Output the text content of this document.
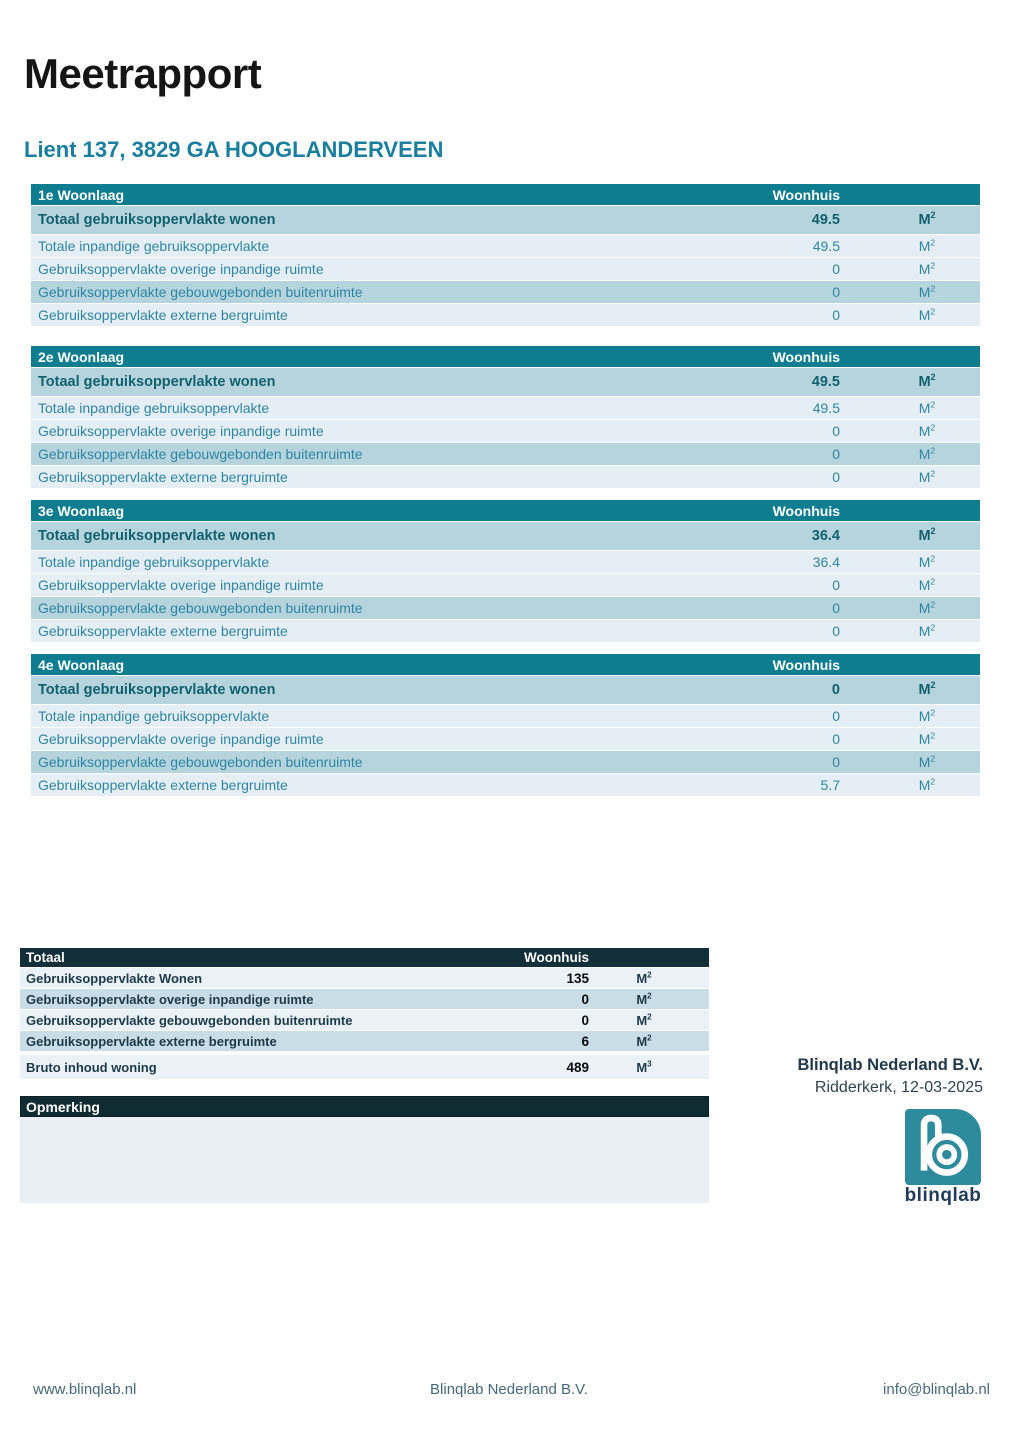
Meetrapport
Lient 137, 3829 GA HOOGLANDERVEEN
1e Woonlaag	Woonhuis
Totaal gebruiksoppervlakte wonen	49.5	$M^2$
Totale inpandige gebruiksoppervlakte	49.5	$M^2$
Gebruiksoppervlakte overige inpandige ruimte	0	$M^2$
Gebruiksoppervlakte gebouwgebonden buitenruimte	0	$M^2$
Gebruiksoppervlakte externe bergruimte	0	$M^2$
2e Woonlaag	Woonhuis
Totaal gebruiksoppervlakte wonen	49.5	$M^2$
Totale inpandige gebruiksoppervlakte	49.5	$M^2$
Gebruiksoppervlakte overige inpandige ruimte	0	$M^2$
Gebruiksoppervlakte gebouwgebonden buitenruimte	0	$M^2$
Gebruiksoppervlakte externe bergruimte	0	$M^2$
3e Woonlaag	Woonhuis
Totaal gebruiksoppervlakte wonen	36.4	$M^2$
Totale inpandige gebruiksoppervlakte	36.4	$M^2$
Gebruiksoppervlakte overige inpandige ruimte	0	$M^2$
Gebruiksoppervlakte gebouwgebonden buitenruimte	0	$M^2$
Gebruiksoppervlakte externe bergruimte	0	$M^2$
4e Woonlaag	Woonhuis
Totaal gebruiksoppervlakte wonen	0	$M^2$
Totale inpandige gebruiksoppervlakte	0	$M^2$
Gebruiksoppervlakte overige inpandige ruimte	0	$M^2$
Gebruiksoppervlakte gebouwgebonden buitenruimte	0	$M^2$
Gebruiksoppervlakte externe bergruimte	5.7	$M^2$
Totaal	Woonhuis
Gebruiksoppervlakte Wonen	135	$M^2$
Gebruiksoppervlakte overige inpandige ruimte	0	$M^2$
Gebruiksoppervlakte gebouwgebonden buitenruimte	0	$M^2$
Gebruiksoppervlakte externe bergruimte	6	$M^2$
Bruto inhoud woning	489	$M^3$
Opmerking
Blinqlab Nederland B.V.
Ridderkerk, 12-03-2025
blinqlab
www.blinqlab.nl	Blinqlab Nederland B.V.	info@blinqlab.nl
